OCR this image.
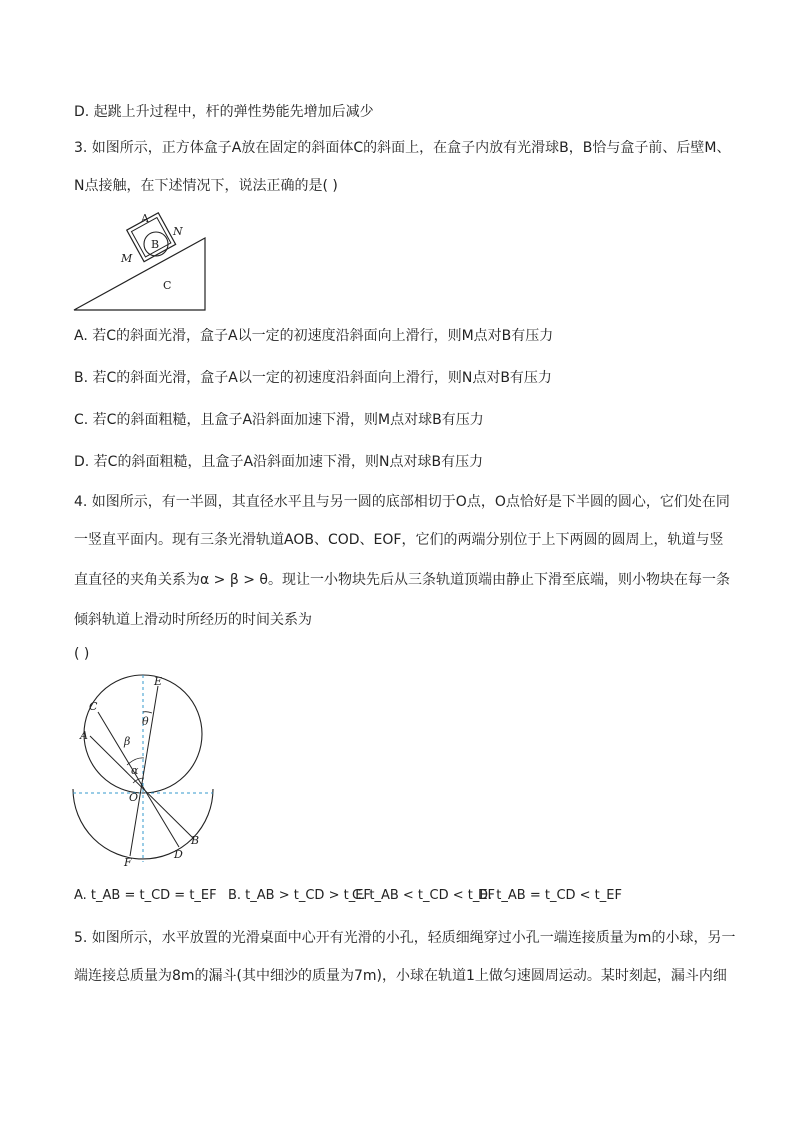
D. 起跳上升过程中，杆的弹性势能先增加后减少
3. 如图所示，正方体盒子A放在固定的斜面体C的斜面上，在盒子内放有光滑球B，B恰与盒子前、后壁M、
N点接触，在下述情况下，说法正确的是( )
B
A
N
M
C
A. 若C的斜面光滑，盒子A以一定的初速度沿斜面向上滑行，则M点对B有压力
B. 若C的斜面光滑，盒子A以一定的初速度沿斜面向上滑行，则N点对B有压力
C. 若C的斜面粗糙，且盒子A沿斜面加速下滑，则M点对球B有压力
D. 若C的斜面粗糙，且盒子A沿斜面加速下滑，则N点对球B有压力
4. 如图所示，有一半圆，其直径水平且与另一圆的底部相切于O点，O点恰好是下半圆的圆心，它们处在同
一竖直平面内。现有三条光滑轨道AOB、COD、EOF，它们的两端分别位于上下两圆的圆周上，轨道与竖
直直径的夹角关系为α > β > θ。现让一小物块先后从三条轨道顶端由静止下滑至底端，则小物块在每一条
倾斜轨道上滑动时所经历的时间关系为
( )
C
A
E
θ
β
α
O
B
D
F
A. t_AB = t_CD = t_EF B. t_AB > t_CD > t_EF
C. t_AB < t_CD < t_EF
D. t_AB = t_CD < t_EF
5. 如图所示，水平放置的光滑桌面中心开有光滑的小孔，轻质细绳穿过小孔一端连接质量为m的小球，另一
端连接总质量为8m的漏斗(其中细沙的质量为7m)，小球在轨道1上做匀速圆周运动。某时刻起，漏斗内细
